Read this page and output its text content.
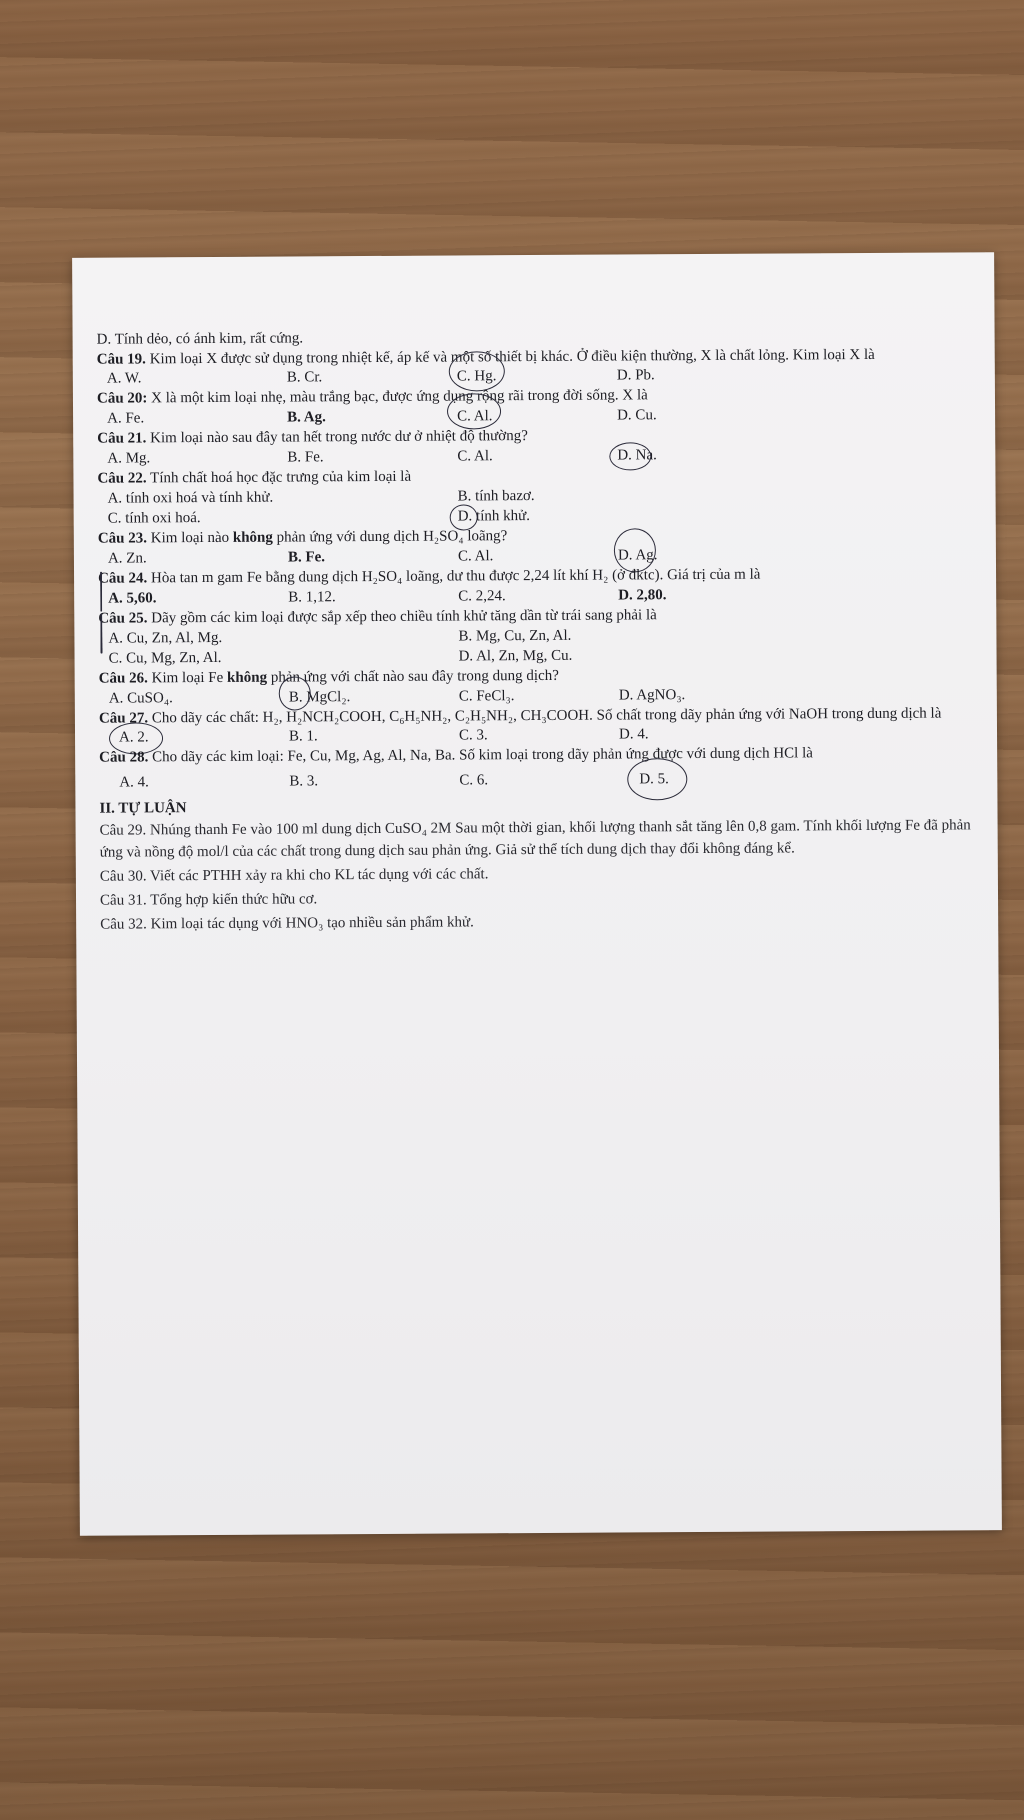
D. Tính dẻo, có ánh kim, rất cứng.
Câu 19. Kim loại X được sử dụng trong nhiệt kế, áp kế và một số thiết bị khác. Ở điều kiện thường, X là chất lỏng. Kim loại X là
A. W.	B. Cr.	C. Hg.	D. Pb.
Câu 20: X là một kim loại nhẹ, màu trắng bạc, được ứng dụng rộng rãi trong đời sống. X là
A. Fe.	B. Ag.	C. Al.	D. Cu.
Câu 21. Kim loại nào sau đây tan hết trong nước dư ở nhiệt độ thường?
A. Mg.	B. Fe.	C. Al.	D. Na.
Câu 22. Tính chất hoá học đặc trưng của kim loại là
A. tính oxi hoá và tính khử.	B. tính bazơ.
C. tính oxi hoá.	D. tính khử.
Câu 23. Kim loại nào không phản ứng với dung dịch H₂SO₄ loãng?
A. Zn.	B. Fe.	C. Al.	D. Ag.
Câu 24. Hòa tan m gam Fe bằng dung dịch H₂SO₄ loãng, dư thu được 2,24 lít khí H₂ (ở đktc). Giá trị của m là
A. 5,60.	B. 1,12.	C. 2,24.	D. 2,80.
Câu 25. Dãy gồm các kim loại được sắp xếp theo chiều tính khử tăng dần từ trái sang phải là
A. Cu, Zn, Al, Mg.	B. Mg, Cu, Zn, Al.
C. Cu, Mg, Zn, Al.	D. Al, Zn, Mg, Cu.
Câu 26. Kim loại Fe không phản ứng với chất nào sau đây trong dung dịch?
A. CuSO₄.	B. MgCl₂.	C. FeCl₃.	D. AgNO₃.
Câu 27. Cho dãy các chất: H₂, H₂NCH₂COOH, C₆H₅NH₂, C₂H₅NH₂, CH₃COOH. Số chất trong dãy phản ứng với NaOH trong dung dịch là
A. 2.	B. 1.	C. 3.	D. 4.
Câu 28. Cho dãy các kim loại: Fe, Cu, Mg, Ag, Al, Na, Ba. Số kim loại trong dãy phản ứng được với dung dịch HCl là
A. 4.	B. 3.	C. 6.	D. 5.
II. TỰ LUẬN
Câu 29. Nhúng thanh Fe vào 100 ml dung dịch CuSO₄ 2M Sau một thời gian, khối lượng thanh sắt tăng lên 0,8 gam. Tính khối lượng Fe đã phản ứng và nồng độ mol/l của các chất trong dung dịch sau phản ứng. Giả sử thể tích dung dịch thay đổi không đáng kể.
Câu 30. Viết các PTHH xảy ra khi cho KL tác dụng với các chất.
Câu 31. Tổng hợp kiến thức hữu cơ.
Câu 32. Kim loại tác dụng với HNO₃ tạo nhiều sản phẩm khử.
